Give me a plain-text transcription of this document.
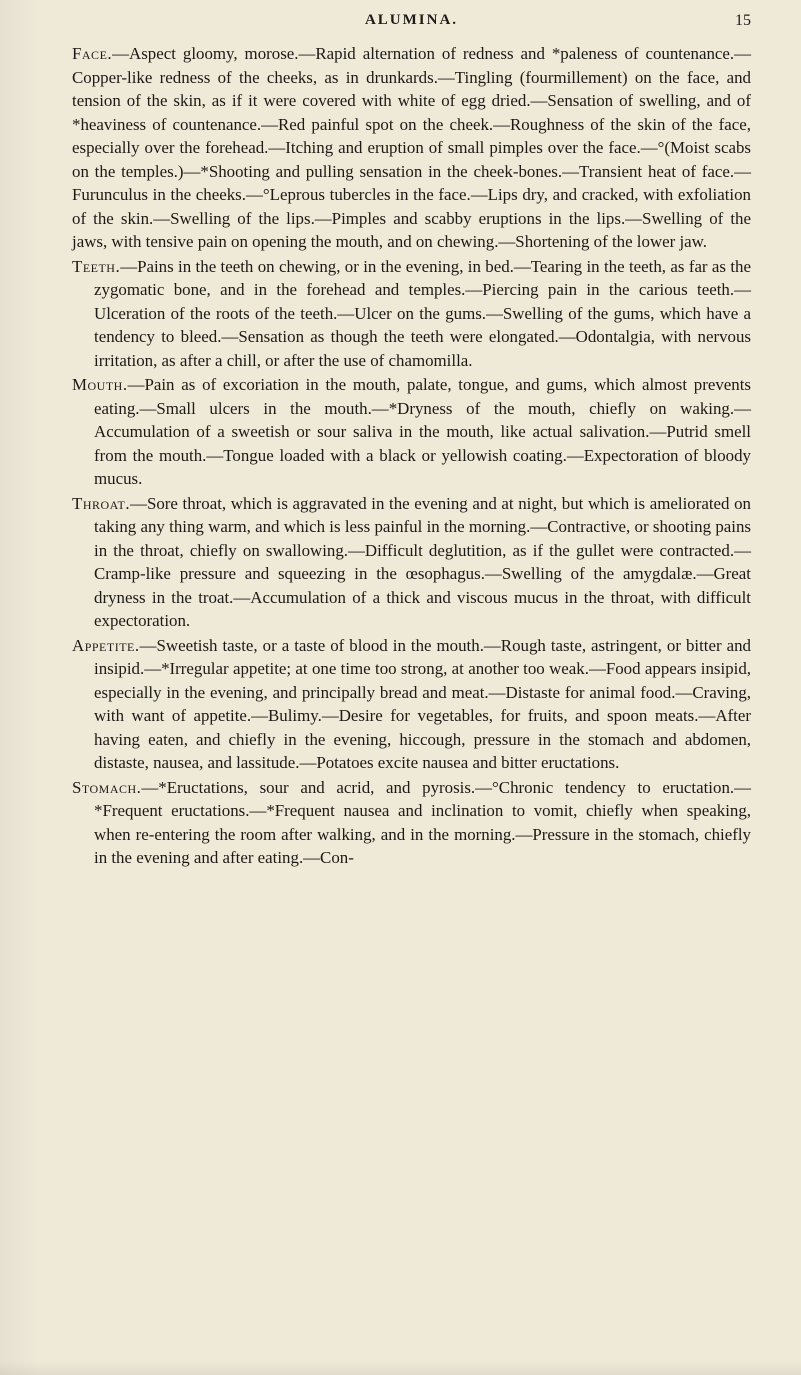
ALUMINA.	15

Face.—Aspect gloomy, morose.—Rapid alternation of redness and *paleness of countenance.—Copper-like redness of the cheeks, as in drunkards.—Tingling (fourmillement) on the face, and tension of the skin, as if it were covered with white of egg dried.—Sensation of swelling, and of *heaviness of countenance.—Red painful spot on the cheek.—Roughness of the skin of the face, especially over the forehead.—Itching and eruption of small pimples over the face.—°(Moist scabs on the temples.)—*Shooting and pulling sensation in the cheek-bones.—Transient heat of face.—Furunculus in the cheeks.—°Leprous tubercles in the face.—Lips dry, and cracked, with exfoliation of the skin.—Swelling of the lips.—Pimples and scabby eruptions in the lips.—Swelling of the jaws, with tensive pain on opening the mouth, and on chewing.—Shortening of the lower jaw.

Teeth.—Pains in the teeth on chewing, or in the evening, in bed.—Tearing in the teeth, as far as the zygomatic bone, and in the forehead and temples.—Piercing pain in the carious teeth.—Ulceration of the roots of the teeth.—Ulcer on the gums.—Swelling of the gums, which have a tendency to bleed.—Sensation as though the teeth were elongated.—Odontalgia, with nervous irritation, as after a chill, or after the use of chamomilla.

Mouth.—Pain as of excoriation in the mouth, palate, tongue, and gums, which almost prevents eating.—Small ulcers in the mouth.—*Dryness of the mouth, chiefly on waking.—Accumulation of a sweetish or sour saliva in the mouth, like actual salivation.—Putrid smell from the mouth.—Tongue loaded with a black or yellowish coating.—Expectoration of bloody mucus.

Throat.—Sore throat, which is aggravated in the evening and at night, but which is ameliorated on taking any thing warm, and which is less painful in the morning.—Contractive, or shooting pains in the throat, chiefly on swallowing.—Difficult deglutition, as if the gullet were contracted.—Cramp-like pressure and squeezing in the œsophagus.—Swelling of the amygdalæ.—Great dryness in the troat.—Accumulation of a thick and viscous mucus in the throat, with difficult expectoration.

Appetite.—Sweetish taste, or a taste of blood in the mouth.—Rough taste, astringent, or bitter and insipid.—*Irregular appetite; at one time too strong, at another too weak.—Food appears insipid, especially in the evening, and principally bread and meat.—Distaste for animal food.—Craving, with want of appetite.—Bulimy.—Desire for vegetables, for fruits, and spoon meats.—After having eaten, and chiefly in the evening, hiccough, pressure in the stomach and abdomen, distaste, nausea, and lassitude.—Potatoes excite nausea and bitter eructations.

Stomach.—*Eructations, sour and acrid, and pyrosis.—°Chronic tendency to eructation.—*Frequent eructations.—*Frequent nausea and inclination to vomit, chiefly when speaking, when re-entering the room after walking, and in the morning.—Pressure in the stomach, chiefly in the evening and after eating.—Con-
